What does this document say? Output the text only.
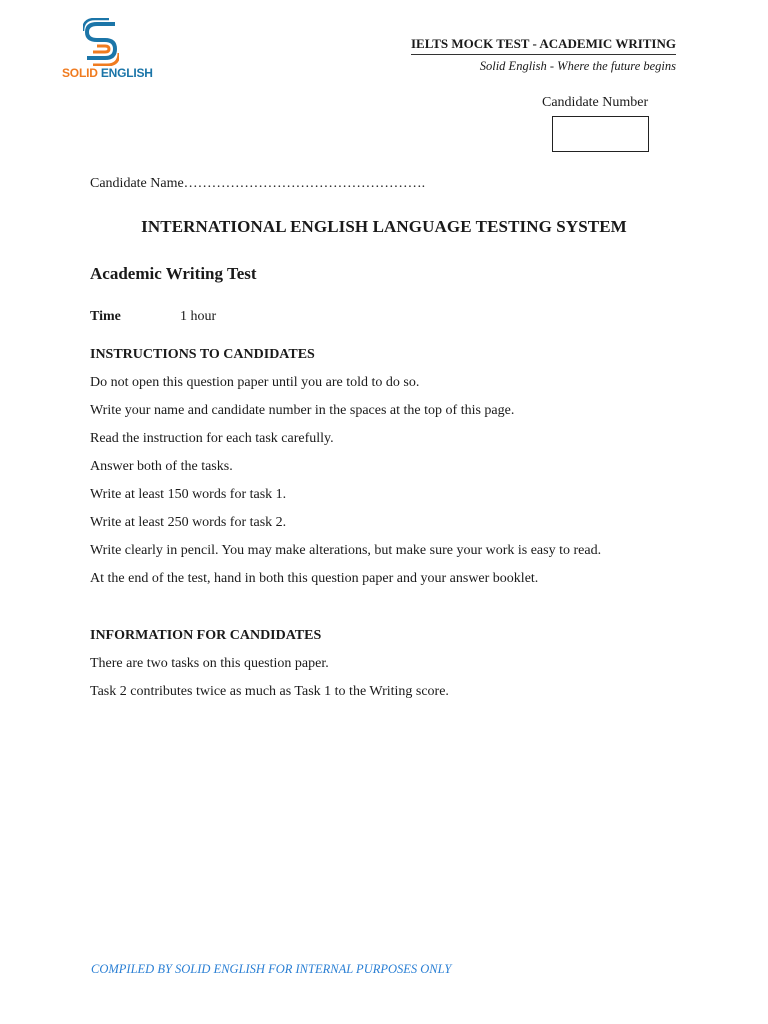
SOLID ENGLISH
IELTS MOCK TEST - ACADEMIC WRITING
Solid English - Where the future begins
Candidate Number
Candidate Name…………………………………………….
INTERNATIONAL ENGLISH LANGUAGE TESTING SYSTEM
Academic Writing Test
Time	1 hour

INSTRUCTIONS TO CANDIDATES

Do not open this question paper until you are told to do so.

Write your name and candidate number in the spaces at the top of this page.

Read the instruction for each task carefully.

Answer both of the tasks.

Write at least 150 words for task 1.

Write at least 250 words for task 2.

Write clearly in pencil. You may make alterations, but make sure your work is easy to read.

At the end of the test, hand in both this question paper and your answer booklet.

INFORMATION FOR CANDIDATES

There are two tasks on this question paper.

Task 2 contributes twice as much as Task 1 to the Writing score.

COMPILED BY SOLID ENGLISH FOR INTERNAL PURPOSES ONLY
